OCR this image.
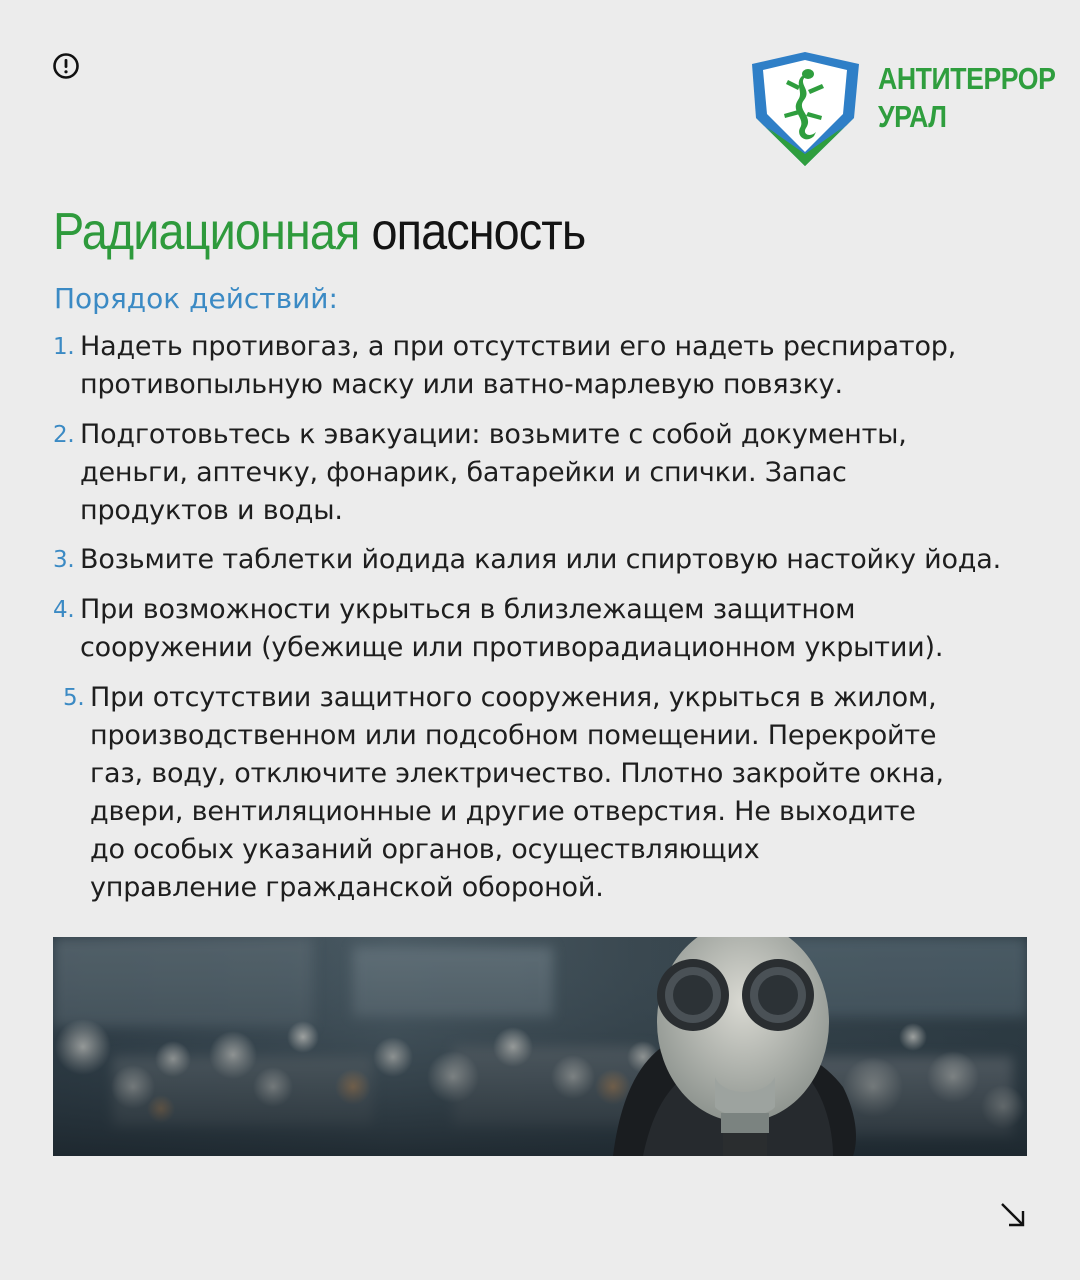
АНТИТЕРРОР
УРАЛ
Радиационная опасность
Порядок действий:
1. Надеть противогаз, а при отсутствии его надеть респиратор,
противопыльную маску или ватно-марлевую повязку.
2. Подготовьтесь к эвакуации: возьмите с собой документы,
деньги, аптечку, фонарик, батарейки и спички. Запас
продуктов и воды.
3. Возьмите таблетки йодида калия или спиртовую настойку йода.
4. При возможности укрыться в близлежащем защитном
сооружении (убежище или противорадиационном укрытии).
5. При отсутствии защитного сооружения, укрыться в жилом,
производственном или подсобном помещении. Перекройте
газ, воду, отключите электричество. Плотно закройте окна,
двери, вентиляционные и другие отверстия. Не выходите
до особых указаний органов, осуществляющих
управление гражданской обороной.
